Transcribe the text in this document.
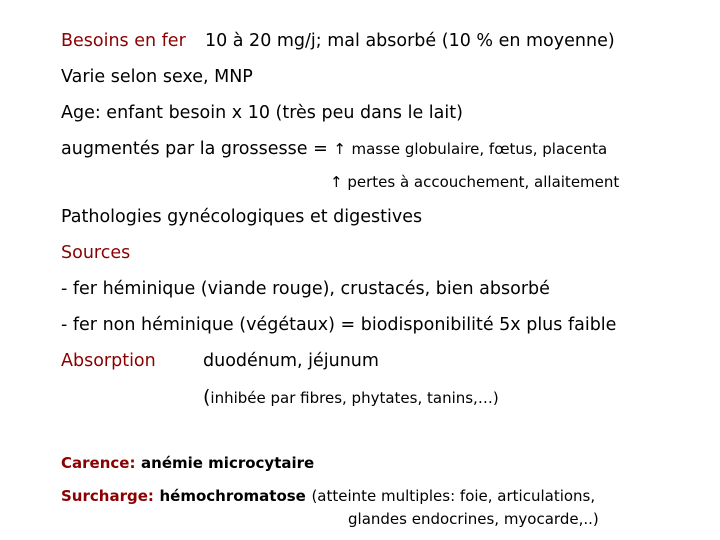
Besoins en fer 10 à 20 mg/j; mal absorbé (10 % en moyenne)
Varie selon sexe, MNP
Age: enfant besoin x 10 (très peu dans le lait)
augmentés par la grossesse = ↑ masse globulaire, fœtus, placenta
↑ pertes à accouchement, allaitement
Pathologies gynécologiques et digestives
Sources
- fer héminique (viande rouge), crustacés, bien absorbé
- fer non héminique (végétaux) = biodisponibilité 5x plus faible
Absorption	duodénum, jéjunum
(inhibée par fibres, phytates, tanins,…)
Carence: anémie microcytaire
Surcharge: hémochromatose (atteinte multiples: foie, articulations,
glandes endocrines, myocarde,..)
